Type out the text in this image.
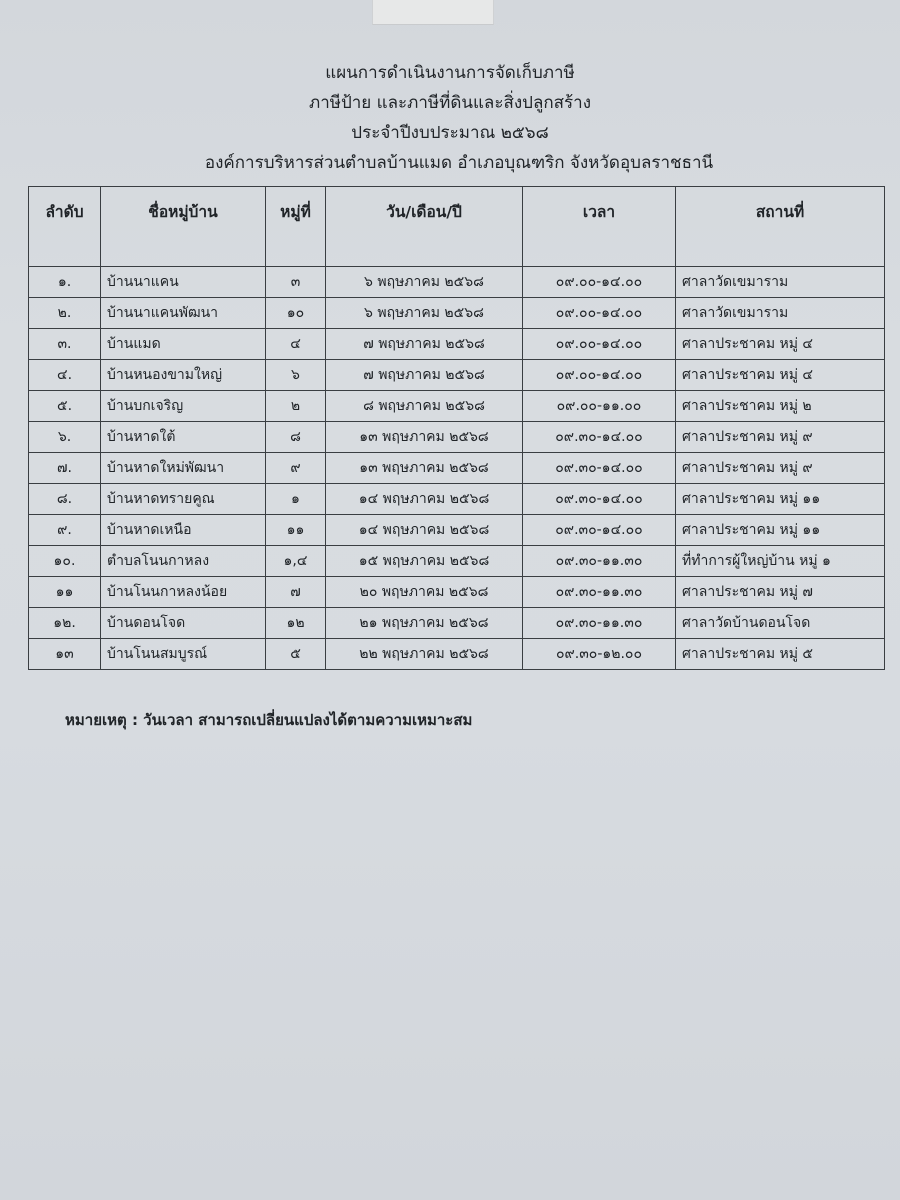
แผนการดำเนินงานการจัดเก็บภาษี
ภาษีป้าย และภาษีที่ดินและสิ่งปลูกสร้าง
ประจำปีงบประมาณ ๒๕๖๘
องค์การบริหารส่วนตำบลบ้านแมด อำเภอบุณฑริก จังหวัดอุบลราชธานี
ลำดับ	ชื่อหมู่บ้าน	หมู่ที่	วัน/เดือน/ปี	เวลา	สถานที่
๑.	บ้านนาแคน	๓	๖ พฤษภาคม ๒๕๖๘	๐๙.๐๐-๑๔.๐๐	ศาลาวัดเขมาราม
๒.	บ้านนาแคนพัฒนา	๑๐	๖ พฤษภาคม ๒๕๖๘	๐๙.๐๐-๑๔.๐๐	ศาลาวัดเขมาราม
๓.	บ้านแมด	๔	๗ พฤษภาคม ๒๕๖๘	๐๙.๐๐-๑๔.๐๐	ศาลาประชาคม หมู่ ๔
๔.	บ้านหนองขามใหญ่	๖	๗ พฤษภาคม ๒๕๖๘	๐๙.๐๐-๑๔.๐๐	ศาลาประชาคม หมู่ ๔
๕.	บ้านบกเจริญ	๒	๘ พฤษภาคม ๒๕๖๘	๐๙.๐๐-๑๑.๐๐	ศาลาประชาคม หมู่ ๒
๖.	บ้านหาดใต้	๘	๑๓ พฤษภาคม ๒๕๖๘	๐๙.๓๐-๑๔.๐๐	ศาลาประชาคม หมู่ ๙
๗.	บ้านหาดใหม่พัฒนา	๙	๑๓ พฤษภาคม ๒๕๖๘	๐๙.๓๐-๑๔.๐๐	ศาลาประชาคม หมู่ ๙
๘.	บ้านหาดทรายคูณ	๑	๑๔ พฤษภาคม ๒๕๖๘	๐๙.๓๐-๑๔.๐๐	ศาลาประชาคม หมู่ ๑๑
๙.	บ้านหาดเหนือ	๑๑	๑๔ พฤษภาคม ๒๕๖๘	๐๙.๓๐-๑๔.๐๐	ศาลาประชาคม หมู่ ๑๑
๑๐.	ตำบลโนนกาหลง	๑,๔	๑๕ พฤษภาคม ๒๕๖๘	๐๙.๓๐-๑๑.๓๐	ที่ทำการผู้ใหญ่บ้าน หมู่ ๑
๑๑	บ้านโนนกาหลงน้อย	๗	๒๐ พฤษภาคม ๒๕๖๘	๐๙.๓๐-๑๑.๓๐	ศาลาประชาคม หมู่ ๗
๑๒.	บ้านดอนโจด	๑๒	๒๑ พฤษภาคม ๒๕๖๘	๐๙.๓๐-๑๑.๓๐	ศาลาวัดบ้านดอนโจด
๑๓	บ้านโนนสมบูรณ์	๕	๒๒ พฤษภาคม ๒๕๖๘	๐๙.๓๐-๑๒.๐๐	ศาลาประชาคม หมู่ ๕
หมายเหตุ : วันเวลา สามารถเปลี่ยนแปลงได้ตามความเหมาะสม
